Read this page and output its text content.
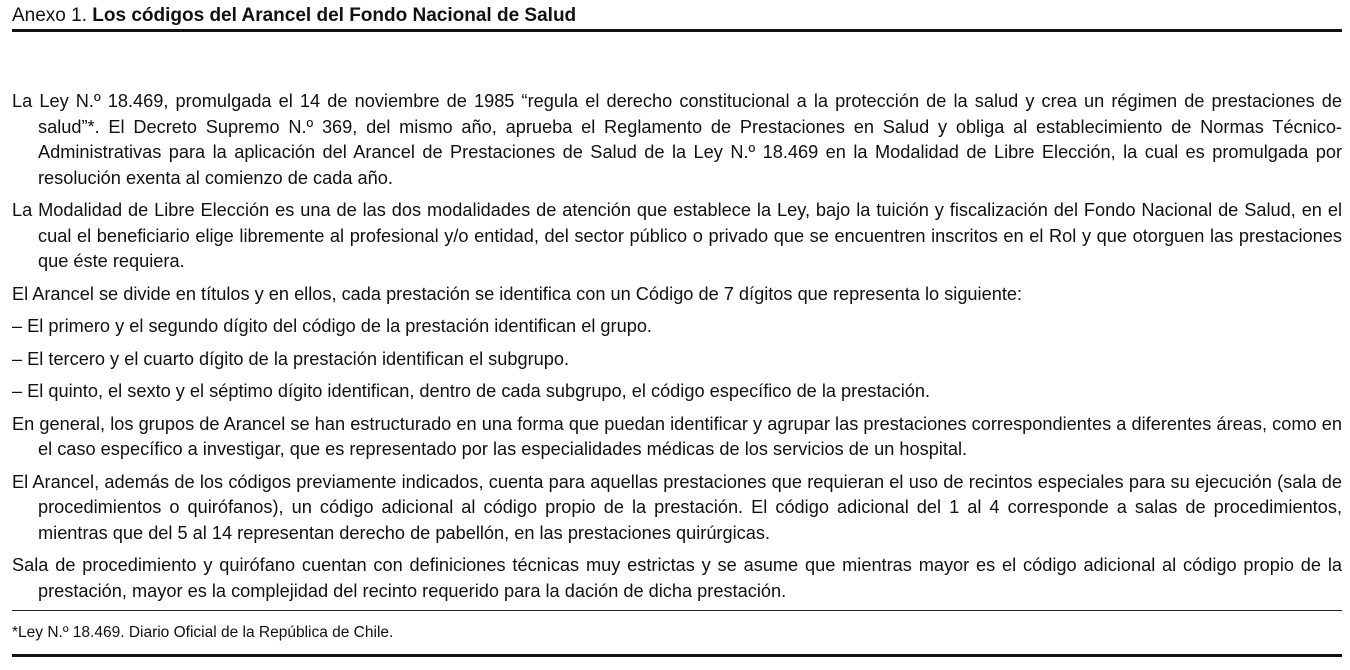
Anexo 1. Los códigos del Arancel del Fondo Nacional de Salud

La Ley N.º 18.469, promulgada el 14 de noviembre de 1985 “regula el derecho constitucional a la protección de la salud y crea un régimen de prestaciones de salud”*. El Decreto Supremo N.º 369, del mismo año, aprueba el Reglamento de Prestaciones en Salud y obliga al establecimiento de Normas Técnico-Administrativas para la aplicación del Arancel de Prestaciones de Salud de la Ley N.º 18.469 en la Modalidad de Libre Elección, la cual es promulgada por resolución exenta al comienzo de cada año.

La Modalidad de Libre Elección es una de las dos modalidades de atención que establece la Ley, bajo la tuición y fiscalización del Fondo Nacional de Salud, en el cual el beneficiario elige libremente al profesional y/o entidad, del sector público o privado que se encuentren inscritos en el Rol y que otorguen las prestaciones que éste requiera.

El Arancel se divide en títulos y en ellos, cada prestación se identifica con un Código de 7 dígitos que representa lo siguiente:

– El primero y el segundo dígito del código de la prestación identifican el grupo.

– El tercero y el cuarto dígito de la prestación identifican el subgrupo.

– El quinto, el sexto y el séptimo dígito identifican, dentro de cada subgrupo, el código específico de la prestación.

En general, los grupos de Arancel se han estructurado en una forma que puedan identificar y agrupar las prestaciones correspondientes a diferentes áreas, como en el caso específico a investigar, que es representado por las especialidades médicas de los servicios de un hospital.

El Arancel, además de los códigos previamente indicados, cuenta para aquellas prestaciones que requieran el uso de recintos especiales para su ejecución (sala de procedimientos o quirófanos), un código adicional al código propio de la prestación. El código adicional del 1 al 4 corresponde a salas de procedimientos, mientras que del 5 al 14 representan derecho de pabellón, en las prestaciones quirúrgicas.

Sala de procedimiento y quirófano cuentan con definiciones técnicas muy estrictas y se asume que mientras mayor es el código adicional al código propio de la prestación, mayor es la complejidad del recinto requerido para la dación de dicha prestación.

*Ley N.º 18.469. Diario Oficial de la República de Chile.
